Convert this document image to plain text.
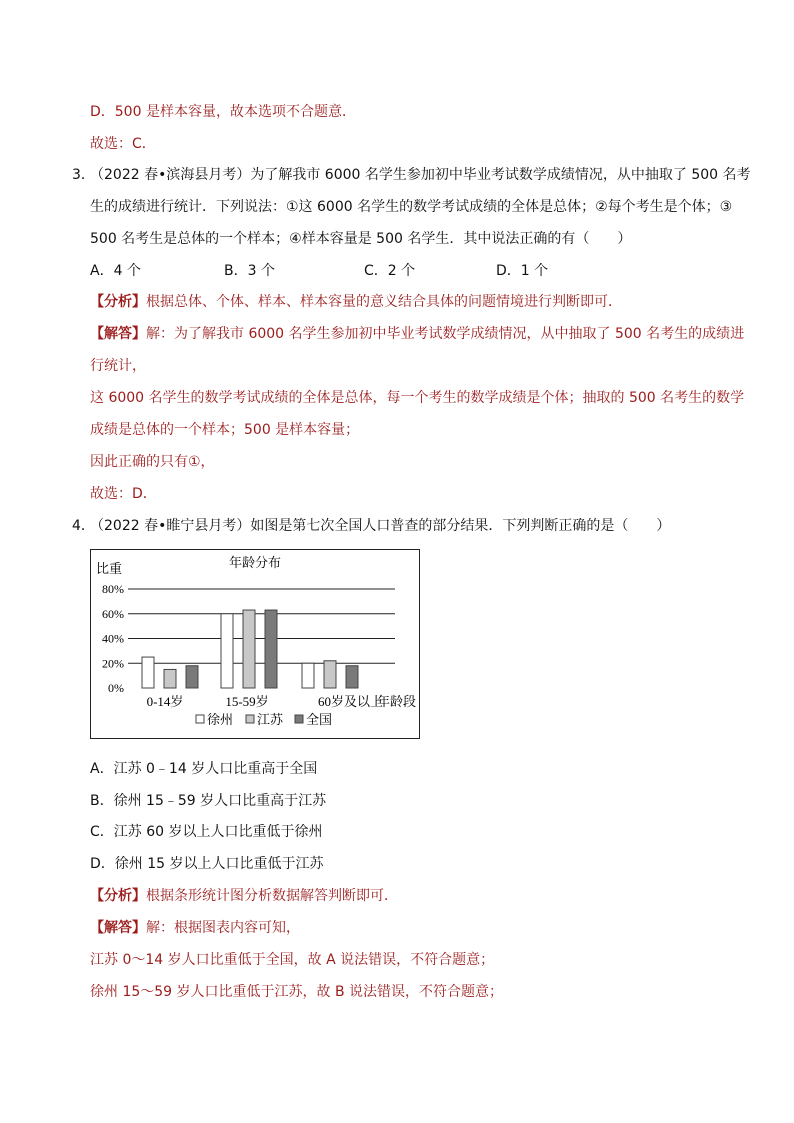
D．500 是样本容量，故本选项不合题意．
故选：C．
3．
（2022 春•滨海县月考）为了解我市 6000 名学生参加初中毕业考试数学成绩情况，从中抽取了 500 名考
生的成绩进行统计．下列说法：①这 6000 名学生的数学考试成绩的全体是总体；②每个考生是个体；③
500 名考生是总体的一个样本；④样本容量是 500 名学生．其中说法正确的有（　　）
A．4 个	B．3 个	C．2 个	D．1 个
【分析】根据总体、个体、样本、样本容量的意义结合具体的问题情境进行判断即可．
【解答】解：为了解我市 6000 名学生参加初中毕业考试数学成绩情况，从中抽取了 500 名考生的成绩进
行统计，
这 6000 名学生的数学考试成绩的全体是总体，每一个考生的数学成绩是个体；抽取的 500 名考生的数学
成绩是总体的一个样本；500 是样本容量；
因此正确的只有①，
故选：D．
4．
（2022 春•睢宁县月考）如图是第七次全国人口普查的部分结果．下列判断正确的是（　　）
年龄分布
比重
0%
20%
40%
60%
80%
0-14岁	15-59岁	60岁及以上
年龄段
徐州 江苏 全国
A．江苏 0﹣14 岁人口比重高于全国
B．徐州 15﹣59 岁人口比重高于江苏
C．江苏 60 岁以上人口比重低于徐州
D．徐州 15 岁以上人口比重低于江苏
【分析】根据条形统计图分析数据解答判断即可．
【解答】解：根据图表内容可知，
江苏 0～14 岁人口比重低于全国，故 A 说法错误，不符合题意；
徐州 15～59 岁人口比重低于江苏，故 B 说法错误，不符合题意；
